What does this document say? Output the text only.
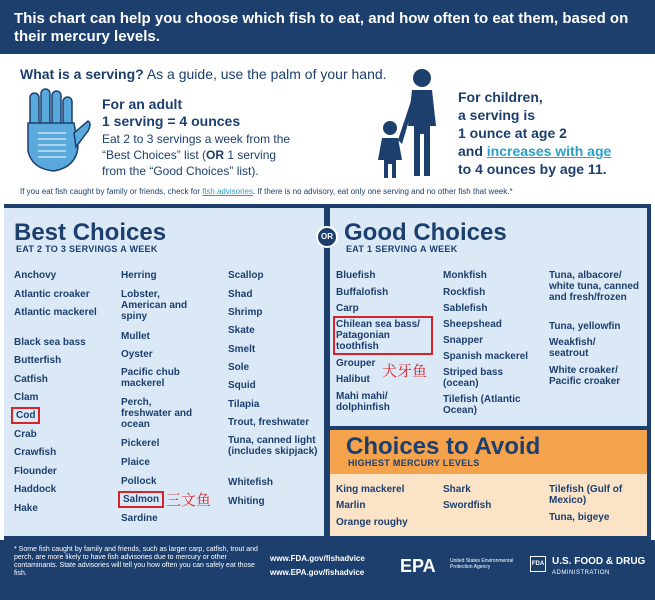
This chart can help you choose which fish to eat, and how often to eat them, based on their mercury levels.
What is a serving? As a guide, use the palm of your hand.
For an adult
1 serving = 4 ounces
Eat 2 to 3 servings a week from the
“Best Choices” list (OR 1 serving
from the “Good Choices” list).
For children,
a serving is
1 ounce at age 2
and increases with age
to 4 ounces by age 11.
If you eat fish caught by family or friends, check for fish advisories. If there is no advisory, eat only one serving and no other fish that week.*
Best Choices
EAT 2 TO 3 SERVINGS A WEEK
OR Good Choices
EAT 1 SERVING A WEEK
Choices to Avoid
HIGHEST MERCURY LEVELS
Anchovy
Atlantic croaker
Atlantic mackerel
Black sea bass
Butterfish
Catfish
Clam
Cod
Crab
Crawfish
Flounder
Haddock
Hake
Herring
Lobster, American and spiny
Mullet
Oyster
Pacific chub mackerel
Perch, freshwater and ocean
Pickerel
Plaice
Pollock
Salmon
Sardine
三文鱼
Scallop
Shad
Shrimp
Skate
Smelt
Sole
Squid
Tilapia
Trout, freshwater
Tuna, canned light (includes skipjack)
Whitefish
Whiting
Bluefish
Buffalofish
Carp
Chilean sea bass/ Patagonian toothfish
Grouper
Halibut
Mahi mahi/ dolphinfish
犬牙鱼
Monkfish
Rockfish
Sablefish
Sheepshead
Snapper
Spanish mackerel
Striped bass (ocean)
Tilefish (Atlantic Ocean)
Tuna, albacore/ white tuna, canned and fresh/frozen
Tuna, yellowfin
Weakfish/ seatrout
White croaker/ Pacific croaker
King mackerel
Marlin
Orange roughy
Shark
Swordfish
Tilefish (Gulf of Mexico)
Tuna, bigeye
* Some fish caught by family and friends, such as larger carp, catfish, trout and perch, are more likely to have fish advisories due to mercury or other contaminants. State advisories will tell you how often you can safely eat those fish.
www.FDA.gov/fishadvice
www.EPA.gov/fishadvice EPA	United States Environmental Protection Agency	FDA U.S. FOOD & DRUG
ADMINISTRATION
